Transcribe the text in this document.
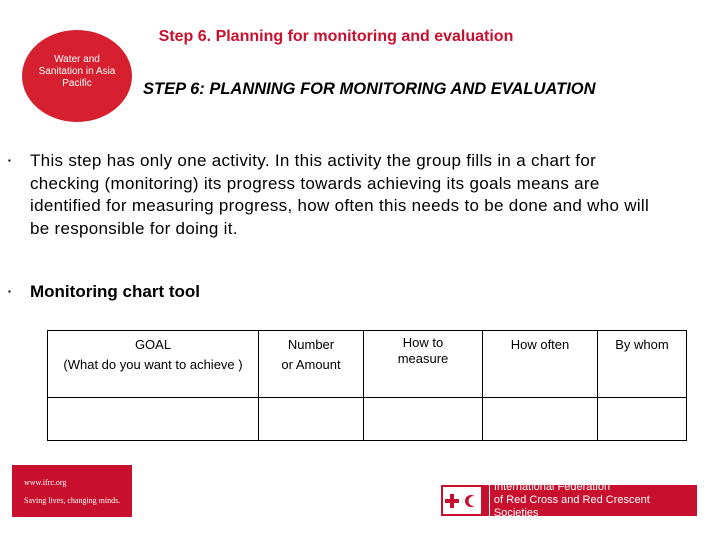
Step 6. Planning for monitoring and evaluation
Water and Sanitation in Asia Pacific	STEP 6: PLANNING FOR MONITORING AND EVALUATION
▪ This step has only one activity. In this activity the group fills in a chart for checking (monitoring) its progress towards achieving its goals means are identified for measuring progress, how often this needs to be done and who will be responsible for doing it.
▪ Monitoring chart tool
GOAL
(What do you want to achieve )	Number or Amount	How to measure	How often	By whom

www.ifrc.org
Saving lives, changing minds.
International Federation
of Red Cross and Red Crescent Societies
